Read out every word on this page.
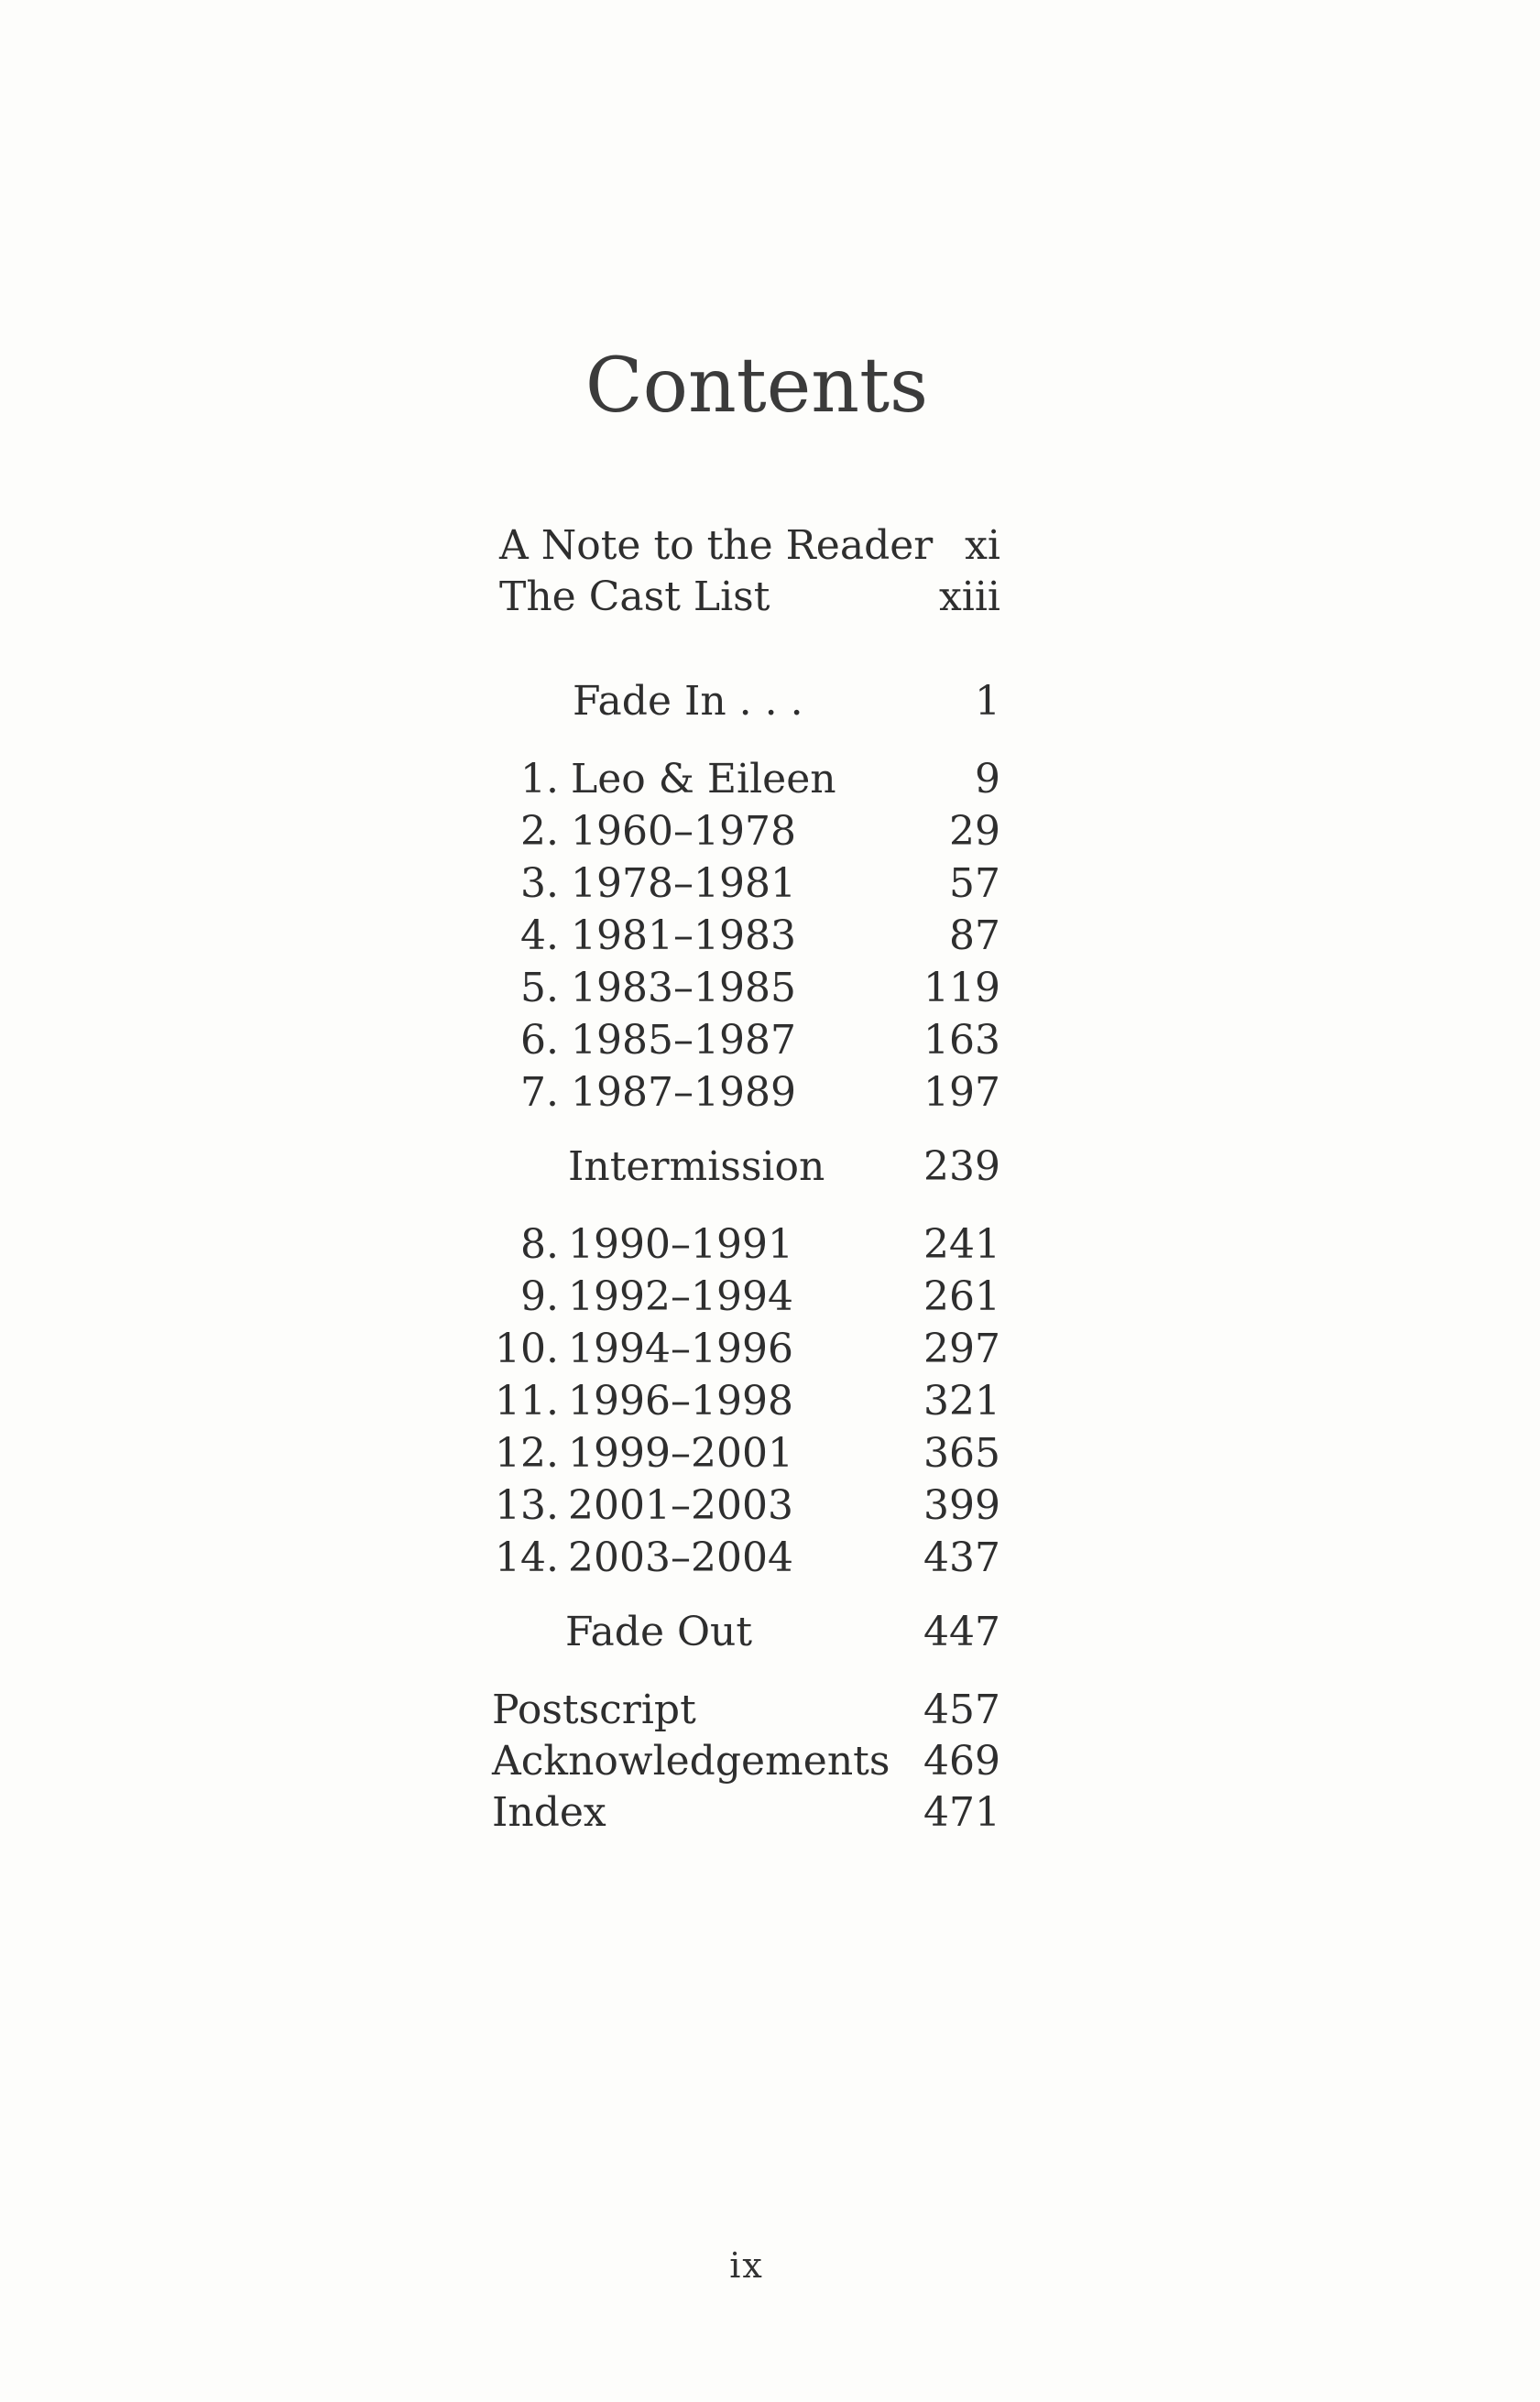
Contents
A Note to the Reader xi
The Cast List	xiii
Fade In . . .	1
1. Leo & Eileen	9
2. 1960–1978	29
3. 1978–1981	57
4. 1981–1983	87
5. 1983–1985	119
6. 1985–1987	163
7. 1987–1989	197
Intermission	239
8. 1990–1991	241
9. 1992–1994	261
10. 1994–1996	297
11. 1996–1998	321
12. 1999–2001	365
13. 2001–2003	399
14. 2003–2004	437
Fade Out	447
Postscript	457
Acknowledgements 469
Index	471
ix
